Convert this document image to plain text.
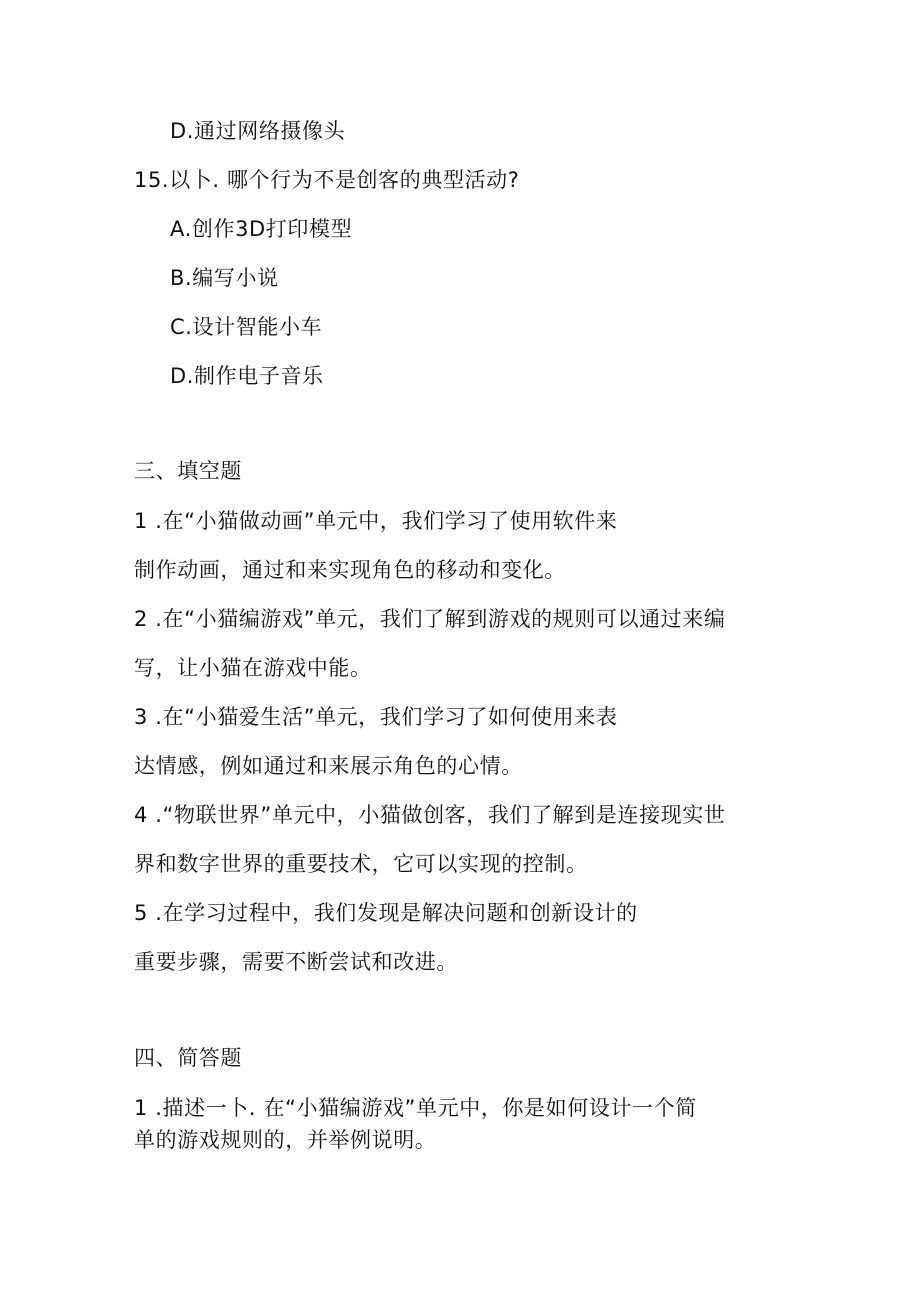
D.通过网络摄像头
15.以卜. 哪个行为不是创客的典型活动?
A.创作3D打印模型
B.编写小说
C.设计智能小车
D.制作电子音乐
三、填空题
1 .在“小猫做动画”单元中，我们学习了使用软件来
制作动画，通过和来实现角色的移动和变化。
2 .在“小猫编游戏”单元，我们了解到游戏的规则可以通过来编
写，让小猫在游戏中能。
3 .在“小猫爱生活”单元，我们学习了如何使用来表
达情感，例如通过和来展示角色的心情。
4 .“物联世界”单元中，小猫做创客，我们了解到是连接现实世
界和数字世界的重要技术，它可以实现的控制。
5 .在学习过程中，我们发现是解决问题和创新设计的
重要步骤，需要不断尝试和改进。
四、简答题
1 .描述一卜. 在“小猫编游戏”单元中，你是如何设计一个简
单的游戏规则的，并举例说明。
